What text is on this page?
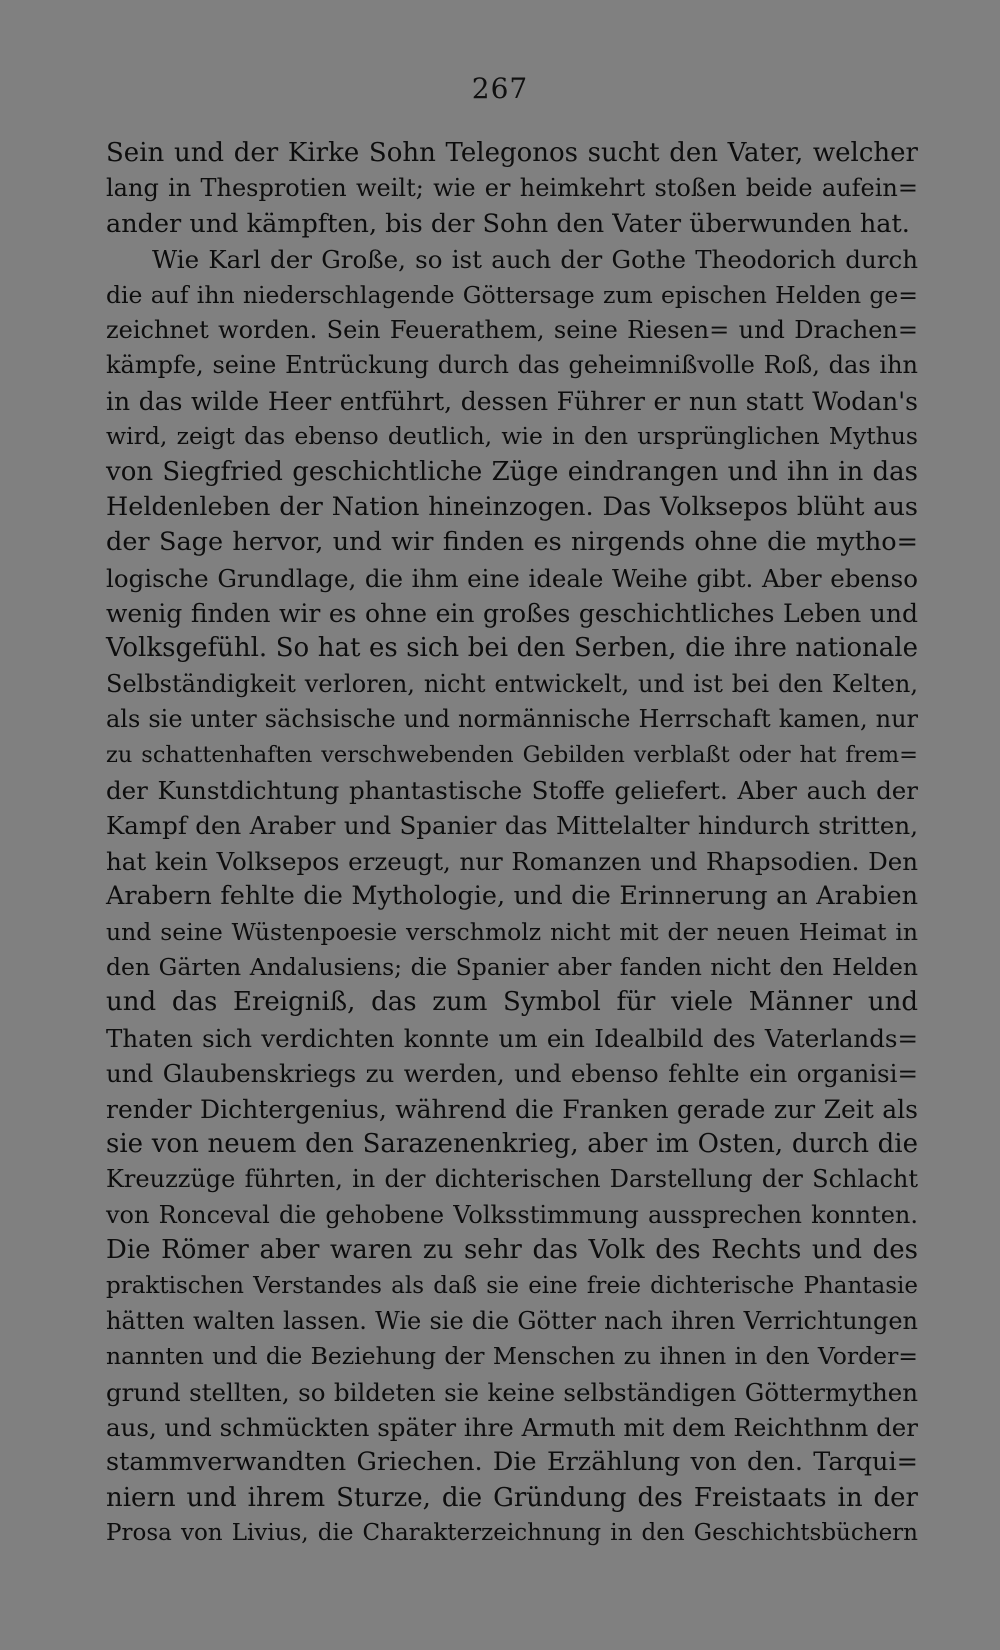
267
Sein und der Kirke Sohn Telegonos sucht den Vater, welcher
lang in Thesprotien weilt; wie er heimkehrt stoßen beide aufein=
ander und kämpften, bis der Sohn den Vater überwunden hat.
Wie Karl der Große, so ist auch der Gothe Theodorich durch
die auf ihn niederschlagende Göttersage zum epischen Helden ge=
zeichnet worden. Sein Feuerathem, seine Riesen= und Drachen=
kämpfe, seine Entrückung durch das geheimnißvolle Roß, das ihn
in das wilde Heer entführt, dessen Führer er nun statt Wodan's
wird, zeigt das ebenso deutlich, wie in den ursprünglichen Mythus
von Siegfried geschichtliche Züge eindrangen und ihn in das
Heldenleben der Nation hineinzogen. Das Volksepos blüht aus
der Sage hervor, und wir finden es nirgends ohne die mytho=
logische Grundlage, die ihm eine ideale Weihe gibt. Aber ebenso
wenig finden wir es ohne ein großes geschichtliches Leben und
Volksgefühl. So hat es sich bei den Serben, die ihre nationale
Selbständigkeit verloren, nicht entwickelt, und ist bei den Kelten,
als sie unter sächsische und normännische Herrschaft kamen, nur
zu schattenhaften verschwebenden Gebilden verblaßt oder hat frem=
der Kunstdichtung phantastische Stoffe geliefert. Aber auch der
Kampf den Araber und Spanier das Mittelalter hindurch stritten,
hat kein Volksepos erzeugt, nur Romanzen und Rhapsodien. Den
Arabern fehlte die Mythologie, und die Erinnerung an Arabien
und seine Wüstenpoesie verschmolz nicht mit der neuen Heimat in
den Gärten Andalusiens; die Spanier aber fanden nicht den Helden
und das Ereigniß, das zum Symbol für viele Männer und
Thaten sich verdichten konnte um ein Idealbild des Vaterlands=
und Glaubenskriegs zu werden, und ebenso fehlte ein organisi=
render Dichtergenius, während die Franken gerade zur Zeit als
sie von neuem den Sarazenenkrieg, aber im Osten, durch die
Kreuzzüge führten, in der dichterischen Darstellung der Schlacht
von Ronceval die gehobene Volksstimmung aussprechen konnten.
Die Römer aber waren zu sehr das Volk des Rechts und des
praktischen Verstandes als daß sie eine freie dichterische Phantasie
hätten walten lassen. Wie sie die Götter nach ihren Verrichtungen
nannten und die Beziehung der Menschen zu ihnen in den Vorder=
grund stellten, so bildeten sie keine selbständigen Göttermythen
aus, und schmückten später ihre Armuth mit dem Reichthnm der
stammverwandten Griechen. Die Erzählung von den. Tarqui=
niern und ihrem Sturze, die Gründung des Freistaats in der
Prosa von Livius, die Charakterzeichnung in den Geschichtsbüchern
